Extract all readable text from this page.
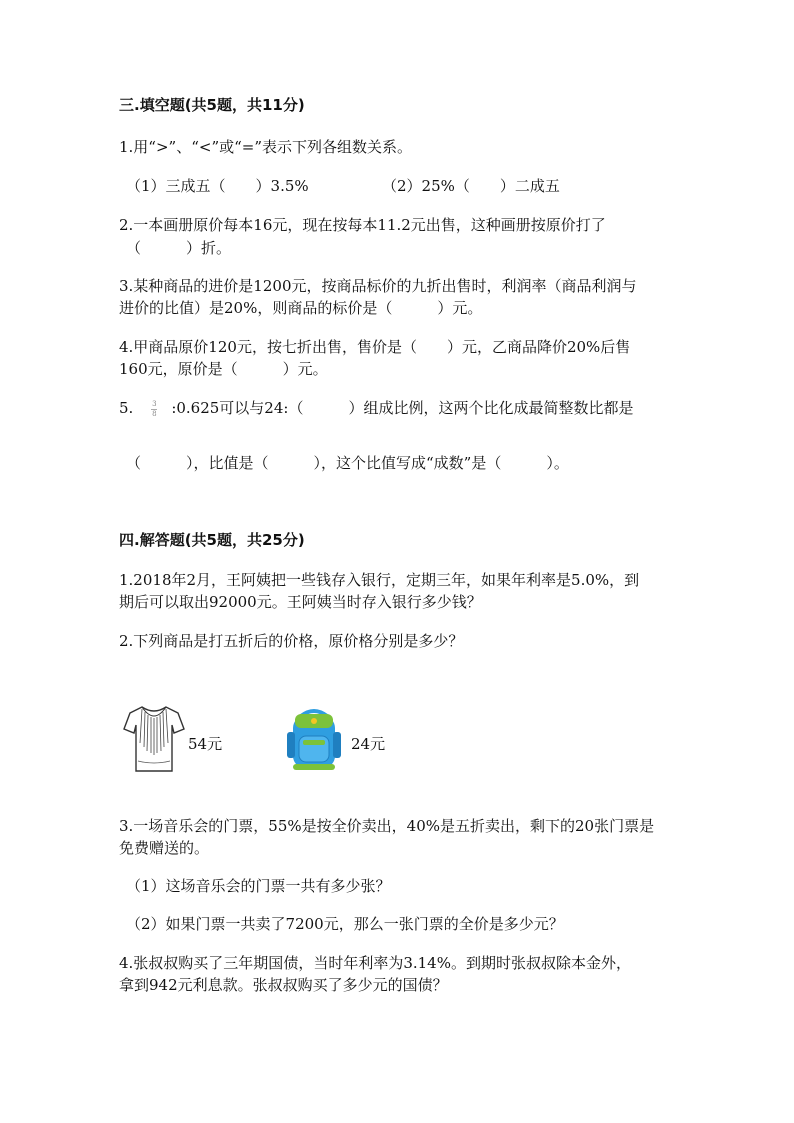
三.填空题(共5题，共11分)
1.用“>”、“<”或“=”表示下列各组数关系。
（1）三成五（　　）3.5%	（2）25%（　　）二成五
2.一本画册原价每本16元，现在按每本11.2元出售，这种画册按原价打了
（　　　）折。
3.某种商品的进价是1200元，按商品标价的九折出售时，利润率（商品利润与
进价的比值）是20%，则商品的标价是（　　　）元。
4.甲商品原价120元，按七折出售，售价是（　　）元，乙商品降价20%后售
160元，原价是（　　　）元。
5.	$\frac{3}{8}$ :0.625可以与24:（　　　）组成比例，这两个比化成最简整数比都是
（　　　），比值是（　　　），这个比值写成“成数”是（　　　）。
四.解答题(共5题，共25分)
1.2018年2月，王阿姨把一些钱存入银行，定期三年，如果年利率是5.0%，到
期后可以取出92000元。王阿姨当时存入银行多少钱？
2.下列商品是打五折后的价格，原价格分别是多少？
54元	24元
3.一场音乐会的门票，55%是按全价卖出，40%是五折卖出，剩下的20张门票是
免费赠送的。
（1）这场音乐会的门票一共有多少张？
（2）如果门票一共卖了7200元，那么一张门票的全价是多少元？
4.张叔叔购买了三年期国债，当时年利率为3.14%。到期时张叔叔除本金外，
拿到942元利息款。张叔叔购买了多少元的国债？
